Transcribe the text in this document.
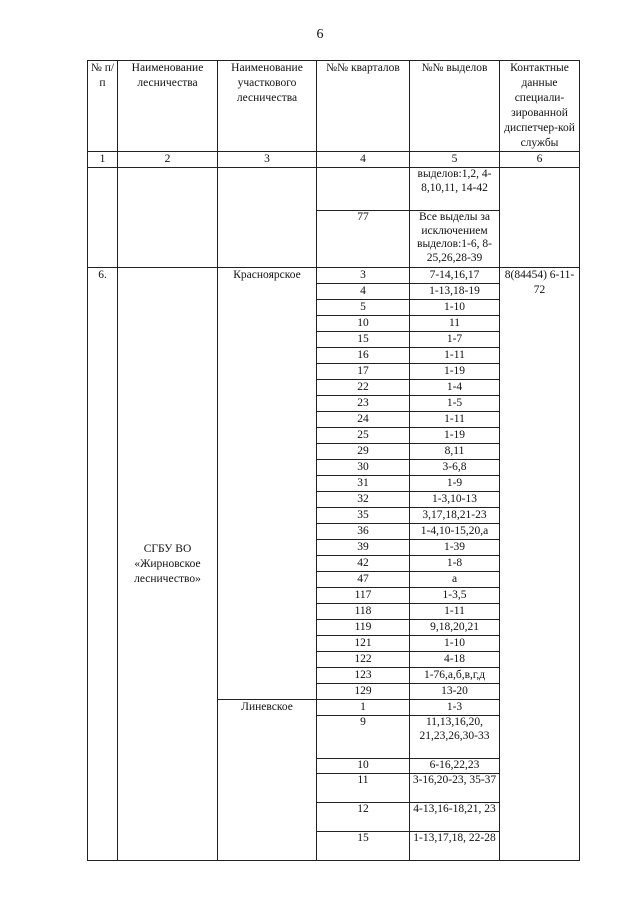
6
№ п/п	Наименование лесничества	Наименование участкового лесничества	№№ кварталов	№№ выделов	Контактные данные специали-зированной диспетчер-кой службы
1	2	3	4	5	6
				выделов:1,2, 4-8,10,11, 14-42	
			77	Все выделы за исключением выделов:1-6, 8-25,26,28-39	
6.	СГБУ ВО «Жирновское лесничество»	Красноярское	3	7-14,16,17	8(84454) 6-11-72
			4	1-13,18-19	
			5	1-10	
			10	11	
			15	1-7	
			16	1-11	
			17	1-19	
			22	1-4	
			23	1-5	
			24	1-11	
			25	1-19	
			29	8,11	
			30	3-6,8	
			31	1-9	
			32	1-3,10-13	
			35	3,17,18,21-23	
			36	1-4,10-15,20,а	
			39	1-39	
			42	1-8	
			47	а	
			117	1-3,5	
			118	1-11	
			119	9,18,20,21	
			121	1-10	
			122	4-18	
			123	1-76,а,б,в,г,д	
			129	13-20	
		Линевское	1	1-3	
			9	11,13,16,20, 21,23,26,30-33	
			10	6-16,22,23	
			11	3-16,20-23, 35-37	
			12	4-13,16-18,21, 23	
			15	1-13,17,18, 22-28	
